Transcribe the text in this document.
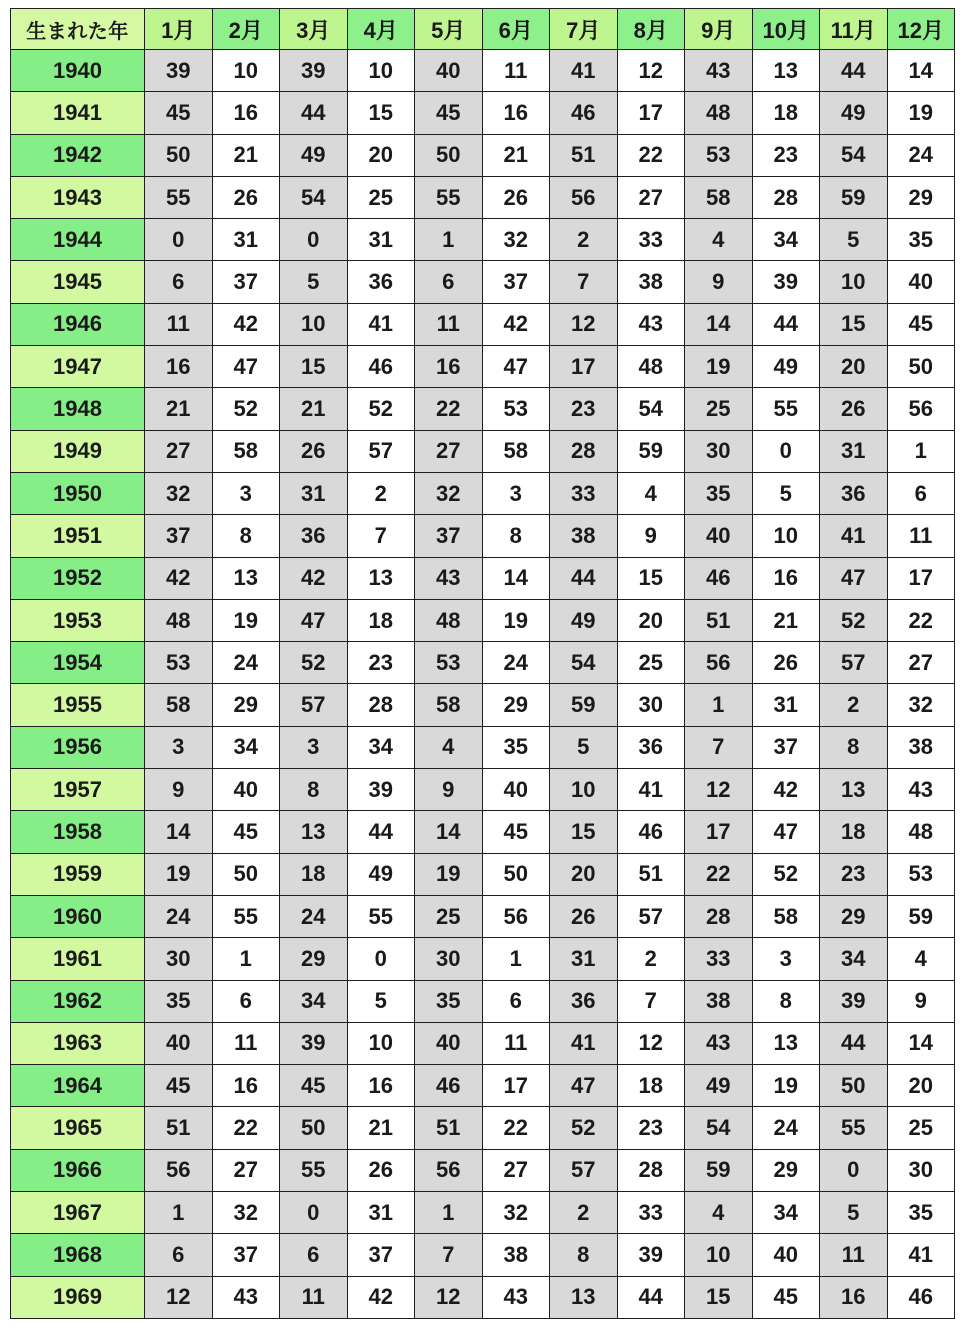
生まれた年	1月	2月	3月	4月	5月	6月	7月	8月	9月	10月	11月	12月
1940	39	10	39	10	40	11	41	12	43	13	44	14
1941	45	16	44	15	45	16	46	17	48	18	49	19
1942	50	21	49	20	50	21	51	22	53	23	54	24
1943	55	26	54	25	55	26	56	27	58	28	59	29
1944	0	31	0	31	1	32	2	33	4	34	5	35
1945	6	37	5	36	6	37	7	38	9	39	10	40
1946	11	42	10	41	11	42	12	43	14	44	15	45
1947	16	47	15	46	16	47	17	48	19	49	20	50
1948	21	52	21	52	22	53	23	54	25	55	26	56
1949	27	58	26	57	27	58	28	59	30	0	31	1
1950	32	3	31	2	32	3	33	4	35	5	36	6
1951	37	8	36	7	37	8	38	9	40	10	41	11
1952	42	13	42	13	43	14	44	15	46	16	47	17
1953	48	19	47	18	48	19	49	20	51	21	52	22
1954	53	24	52	23	53	24	54	25	56	26	57	27
1955	58	29	57	28	58	29	59	30	1	31	2	32
1956	3	34	3	34	4	35	5	36	7	37	8	38
1957	9	40	8	39	9	40	10	41	12	42	13	43
1958	14	45	13	44	14	45	15	46	17	47	18	48
1959	19	50	18	49	19	50	20	51	22	52	23	53
1960	24	55	24	55	25	56	26	57	28	58	29	59
1961	30	1	29	0	30	1	31	2	33	3	34	4
1962	35	6	34	5	35	6	36	7	38	8	39	9
1963	40	11	39	10	40	11	41	12	43	13	44	14
1964	45	16	45	16	46	17	47	18	49	19	50	20
1965	51	22	50	21	51	22	52	23	54	24	55	25
1966	56	27	55	26	56	27	57	28	59	29	0	30
1967	1	32	0	31	1	32	2	33	4	34	5	35
1968	6	37	6	37	7	38	8	39	10	40	11	41
1969	12	43	11	42	12	43	13	44	15	45	16	46
